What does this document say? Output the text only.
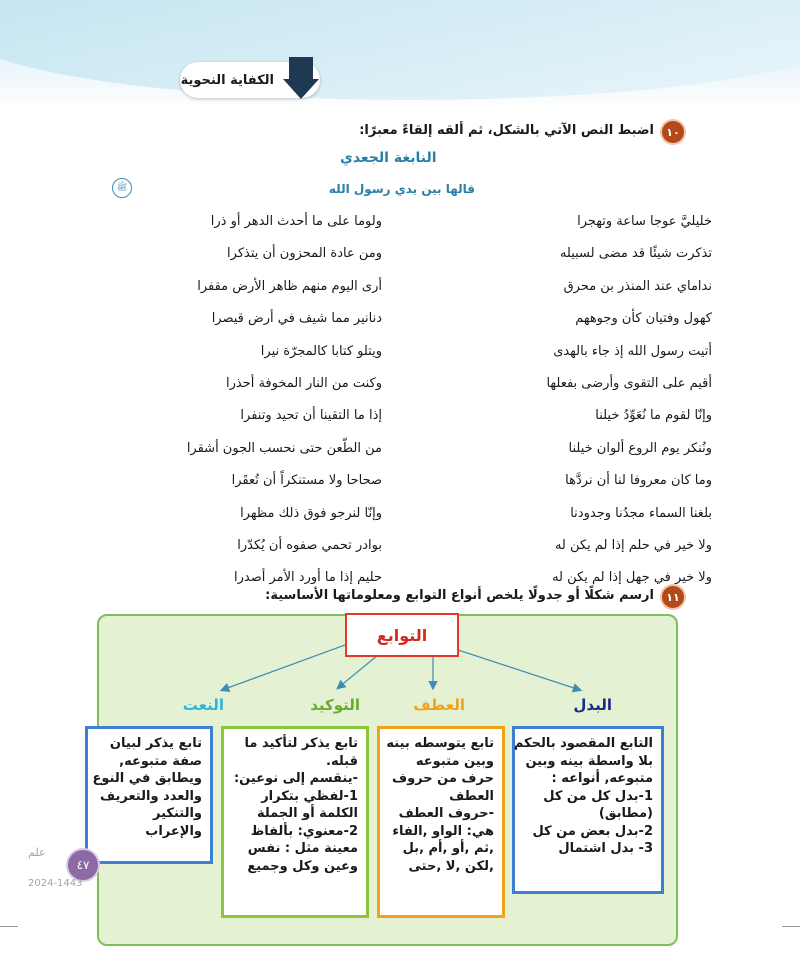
الكفاية النحوية
١٠
اضبط النص الآتي بالشكل، ثم ألقه إلقاءً معبرًا:
النابغة الجعدي
قالها بين يدي رسول الله
ﷺ
خليليَّ عوجا ساعة وتهجرا
ولوما على ما أحدث الدهر أو ذرا
تذكرت شيئًا قد مضى لسبيله
ومن عادة المحزون أن يتذكرا
نداماي عند المنذر بن محرق
أرى اليوم منهم ظاهر الأرض مقفرا
كهول وفتيان كأن وجوههم
دنانير مما شيف في أرض قيصرا
أتيت رسول الله إذ جاء بالهدى
ويتلو كتابا كالمجرّة نيرا
أقيم على التقوى وأرضى بفعلها
وكنت من النار المخوفة أحذرا
وإنّا لقوم ما نُعَوِّدُ خيلنا
إذا ما التقينا أن تحيد وتنفرا
ونُنكر يوم الروع ألوان خيلنا
من الطّعن حتى نحسب الجون أشقرا
وما كان معروفا لنا أن نردَّها
صحاحا ولا مستنكراً أن تُعقَرا
بلغنا السماء مجدُنا وجدودنا
وإنّا لنرجو فوق ذلك مظهرا
ولا خير في حلم إذا لم يكن له
بوادر تحمي صفوه أن يُكدّرا
ولا خير في جهل إذا لم يكن له
حليم إذا ما أورد الأمر أصدرا
١١
ارسم شكلًا أو جدولًا يلخص أنواع التوابع ومعلوماتها الأساسية:
التوابع
البدل
التابع المقصود بالحكم
بلا واسطة بينه وبين
متبوعه, أنواعه :
1-بدل كل من كل
(مطابق)
2-بدل بعض من كل
3- بدل اشتمال
العطف
تابع يتوسطه بينه
وبين متبوعه
حرف من حروف
العطف
-حروف العطف
هي: الواو ,الفاء
,ثم ,أو ,أم ,بل
,لكن ,لا ,حتى
التوكيد
تابع يذكر لتأكيد ما
قبله.
-ينقسم إلى نوعين:
1-لفظي بتكرار
الكلمة أو الجملة
2-معنوي: بألفاظ
معينة مثل : نفس
وعين وكل وجميع
النعت
تابع يذكر لبيان
صفة متبوعه,
ويطابق في النوع
والعدد والتعريف
والتنكير
والإعراب
علم
٤٧
2024-1443
